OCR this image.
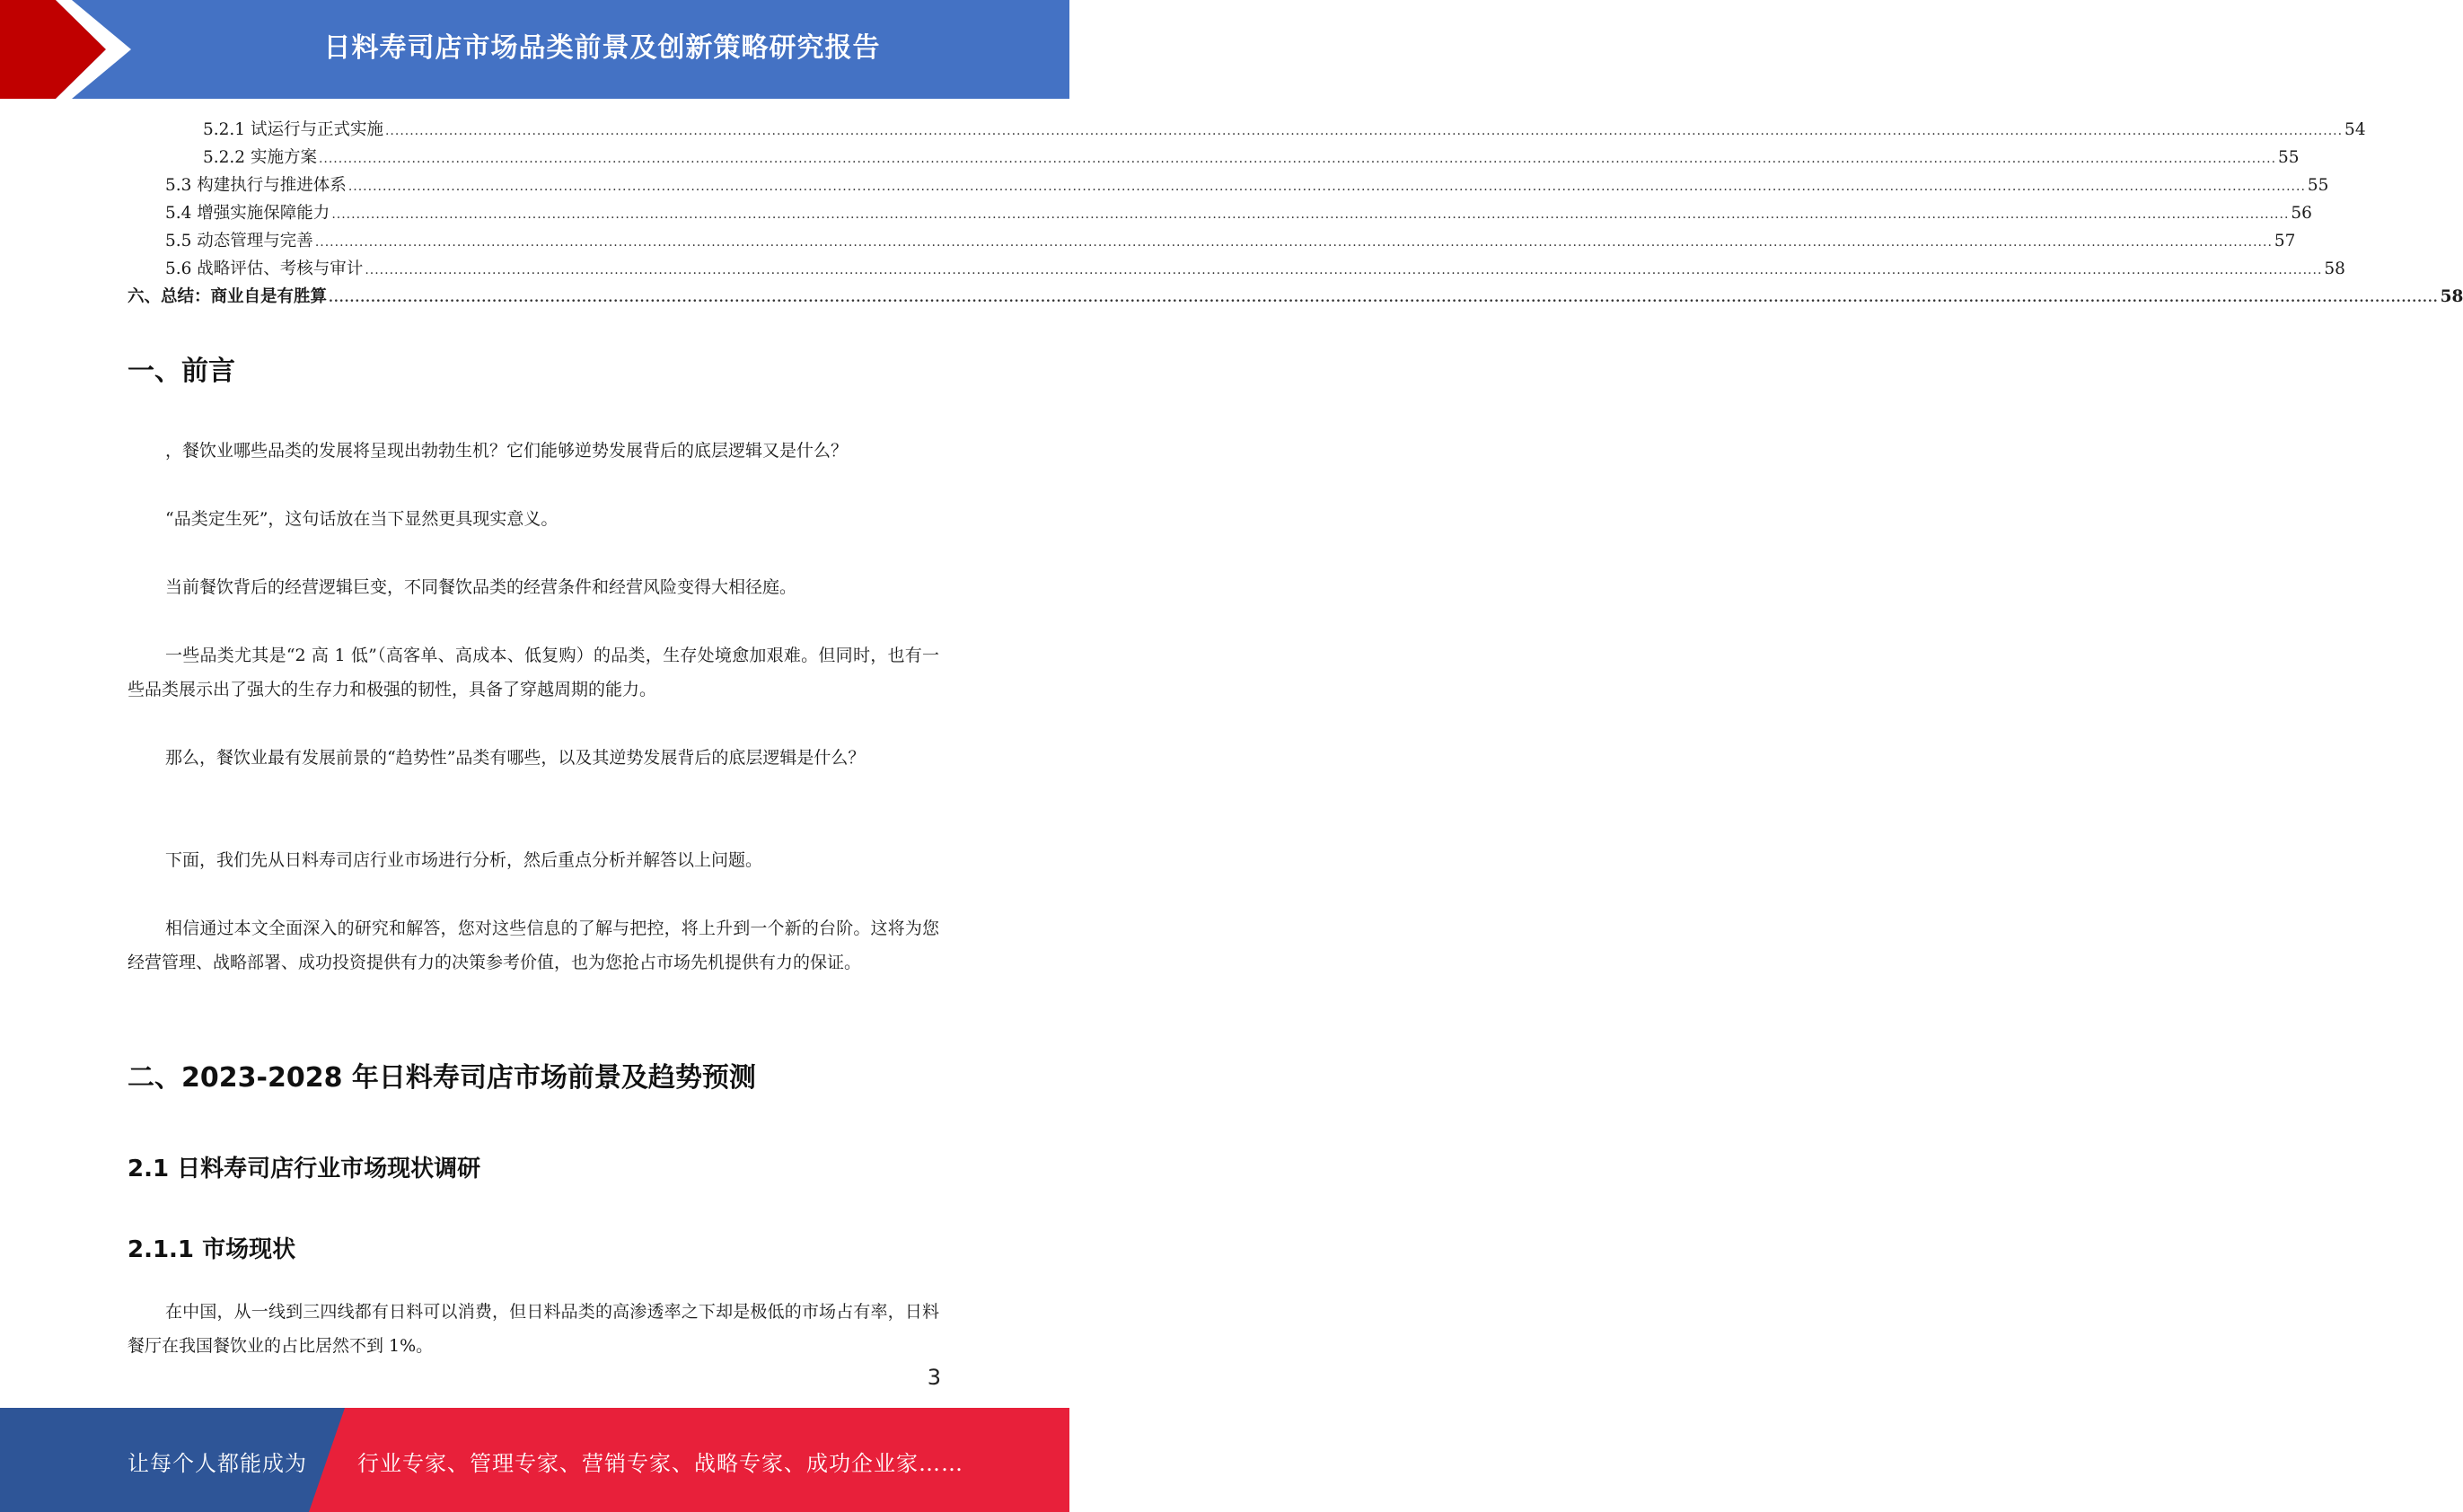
日料寿司店市场品类前景及创新策略研究报告
5.2.1 试运行与正式实施 ................................................................................................................................................................................................................................................................................................................................................................................................................ 54
5.2.2 实施方案 ................................................................................................................................................................................................................................................................................................................................................................................................................ 55
5.3 构建执行与推进体系 ................................................................................................................................................................................................................................................................................................................................................................................................................ 55
5.4 增强实施保障能力 ................................................................................................................................................................................................................................................................................................................................................................................................................ 56
5.5 动态管理与完善 ................................................................................................................................................................................................................................................................................................................................................................................................................ 57
5.6 战略评估、考核与审计 ................................................................................................................................................................................................................................................................................................................................................................................................................ 58
六、总结：商业自是有胜算 ................................................................................................................................................................................................................................................................................................................................................................................................................ 58
一、前言

，餐饮业哪些品类的发展将呈现出勃勃生机？它们能够逆势发展背后的底层逻辑又是什么？

“品类定生死”，这句话放在当下显然更具现实意义。

当前餐饮背后的经营逻辑巨变，不同餐饮品类的经营条件和经营风险变得大相径庭。

一些品类尤其是“2 高 1 低”（高客单、高成本、低复购）的品类，生存处境愈加艰难。但同时，也有一些品类展示出了强大的生存力和极强的韧性，具备了穿越周期的能力。

那么，餐饮业最有发展前景的“趋势性”品类有哪些，以及其逆势发展背后的底层逻辑是什么？

下面，我们先从日料寿司店行业市场进行分析，然后重点分析并解答以上问题。

相信通过本文全面深入的研究和解答，您对这些信息的了解与把控，将上升到一个新的台阶。这将为您经营管理、战略部署、成功投资提供有力的决策参考价值，也为您抢占市场先机提供有力的保证。

二、2023-2028 年日料寿司店市场前景及趋势预测
2.1 日料寿司店行业市场现状调研
2.1.1 市场现状

在中国，从一线到三四线都有日料可以消费，但日料品类的高渗透率之下却是极低的市场占有率，日料餐厅在我国餐饮业的占比居然不到 1%。

3
让每个人都能成为 行业专家、管理专家、营销专家、战略专家、成功企业家……
